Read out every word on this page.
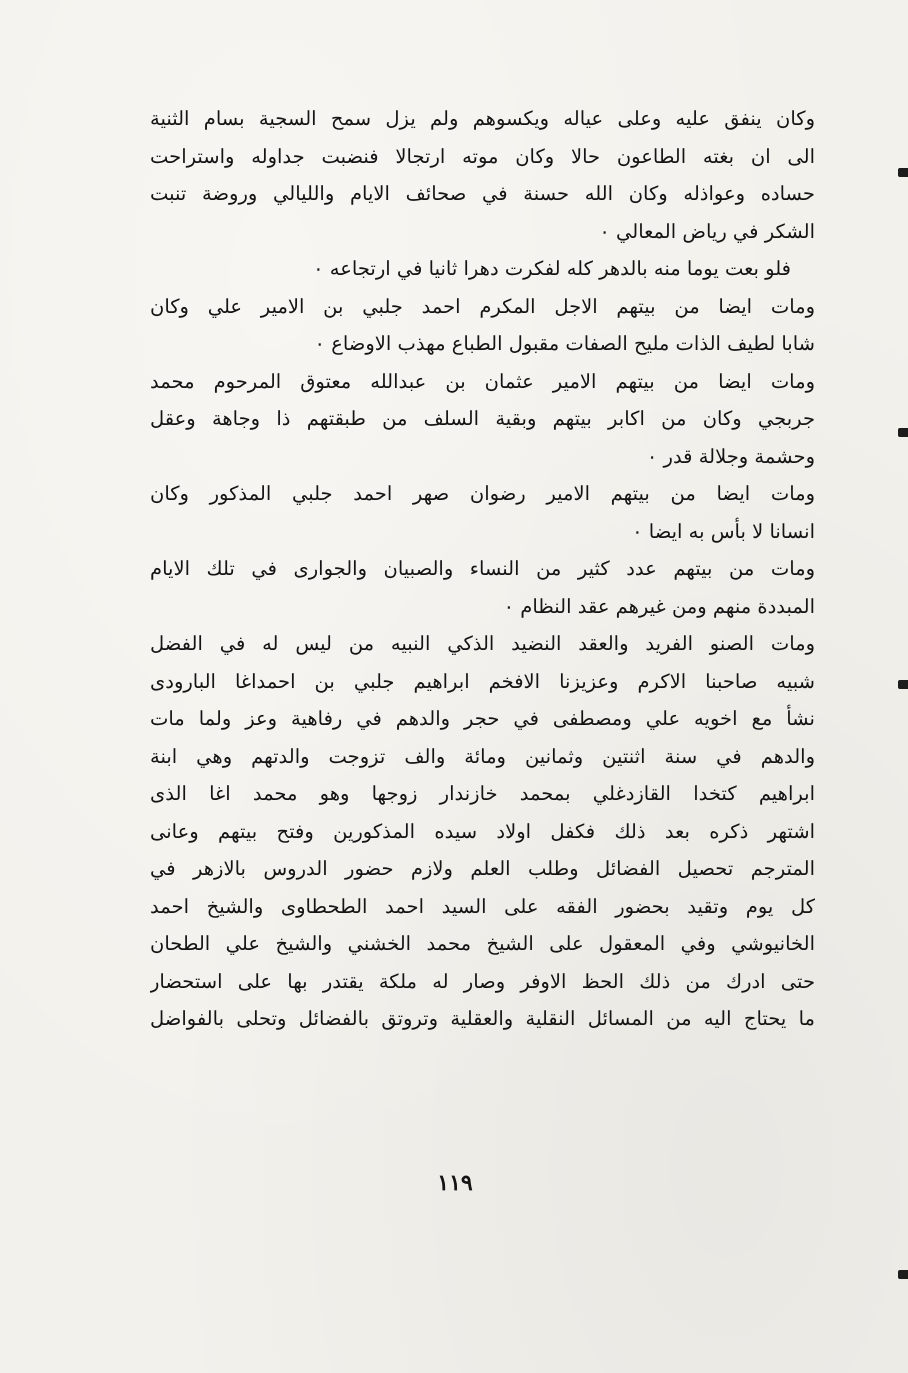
وكان ينفق عليه وعلى عياله ويكسوهم ولم يزل سمح السجية بسام الثنية
الى ان بغته الطاعون حالا وكان موته ارتجالا فنضبت جداوله واستراحت
حساده وعواذله وكان الله حسنة في صحائف الايام والليالي وروضة تنبت
الشكر في رياض المعالي ٠
فلو بعت يوما منه بالدهر كله لفكرت دهرا ثانيا في ارتجاعه ٠
ومات ايضا من بيتهم الاجل المكرم احمد جلبي بن الامير علي وكان
شابا لطيف الذات مليح الصفات مقبول الطباع مهذب الاوضاع ٠
ومات ايضا من بيتهم الامير عثمان بن عبدالله معتوق المرحوم محمد
جربجي وكان من اكابر بيتهم وبقية السلف من طبقتهم ذا وجاهة وعقل
وحشمة وجلالة قدر ٠
ومات ايضا من بيتهم الامير رضوان صهر احمد جلبي المذكور وكان
انسانا لا بأس به ايضا ٠
ومات من بيتهم عدد كثير من النساء والصبيان والجوارى في تلك الايام
المبددة منهم ومن غيرهم عقد النظام ٠
ومات الصنو الفريد والعقد النضيد الذكي النبيه من ليس له في الفضل
شبيه صاحبنا الاكرم وعزيزنا الافخم ابراهيم جلبي بن احمداغا البارودى
نشأ مع اخويه علي ومصطفى في حجر والدهم في رفاهية وعز ولما مات
والدهم في سنة اثنتين وثمانين ومائة والف تزوجت والدتهم وهي ابنة
ابراهيم كتخدا القازدغلي بمحمد خازندار زوجها وهو محمد اغا الذى
اشتهر ذكره بعد ذلك فكفل اولاد سيده المذكورين وفتح بيتهم وعانى
المترجم تحصيل الفضائل وطلب العلم ولازم حضور الدروس بالازهر في
كل يوم وتقيد بحضور الفقه على السيد احمد الطحطاوى والشيخ احمد
الخانيوشي وفي المعقول على الشيخ محمد الخشني والشيخ علي الطحان
حتى ادرك من ذلك الحظ الاوفر وصار له ملكة يقتدر بها على استحضار
ما يحتاج اليه من المسائل النقلية والعقلية وتروتق بالفضائل وتحلى بالفواضل
١١٩
